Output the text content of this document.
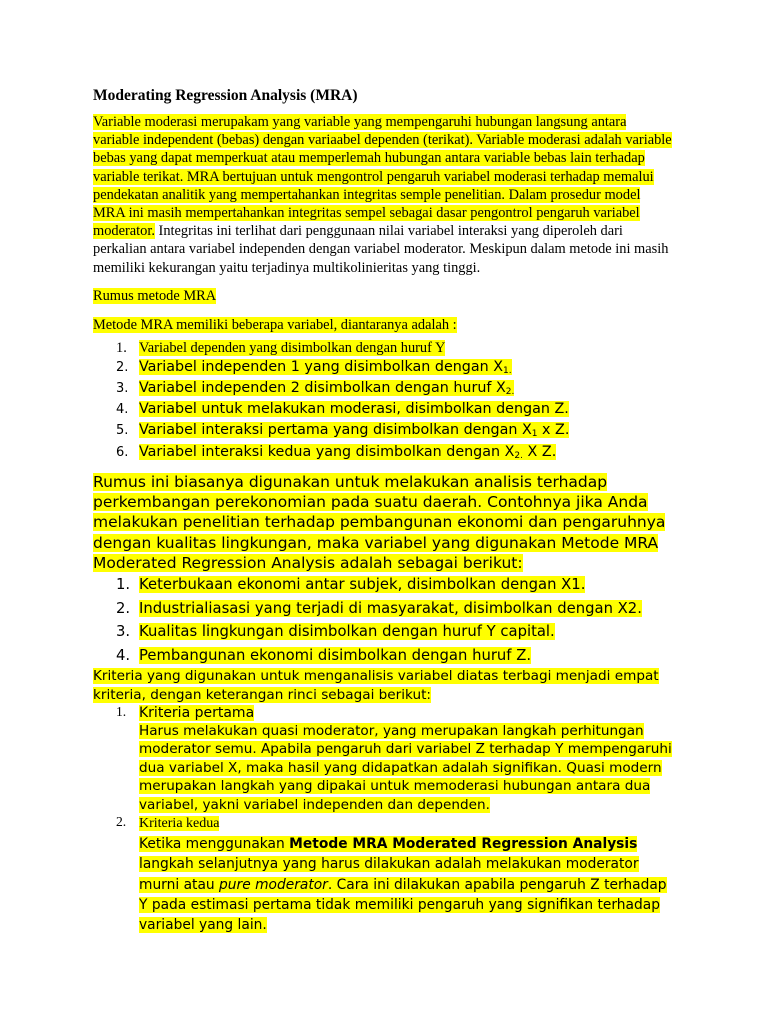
Moderating Regression Analysis (MRA)

Variable moderasi merupakam yang variable yang mempengaruhi hubungan langsung antara variable independent (bebas) dengan variaabel dependen (terikat). Variable moderasi adalah variable bebas yang dapat memperkuat atau memperlemah hubungan antara variable bebas lain terhadap variable terikat. MRA bertujuan untuk mengontrol pengaruh variabel moderasi terhadap memalui pendekatan analitik yang mempertahankan integritas semple penelitian. Dalam prosedur model MRA ini masih mempertahankan integritas sempel sebagai dasar pengontrol pengaruh variabel moderator. Integritas ini terlihat dari penggunaan nilai variabel interaksi yang diperoleh dari perkalian antara variabel independen dengan variabel moderator. Meskipun dalam metode ini masih memiliki kekurangan yaitu terjadinya multikolinieritas yang tinggi.

Rumus metode MRA

Metode MRA memiliki beberapa variabel, diantaranya adalah :

1. Variabel dependen yang disimbolkan dengan huruf Y
2. Variabel independen 1 yang disimbolkan dengan $X_{1.}$
3. Variabel independen 2 disimbolkan dengan huruf $X_{2.}$
4. Variabel untuk melakukan moderasi, disimbolkan dengan Z.
5. Variabel interaksi pertama yang disimbolkan dengan $X_1$ x Z.
6. Variabel interaksi kedua yang disimbolkan dengan $X_{2.}$ X Z.

Rumus ini biasanya digunakan untuk melakukan analisis terhadap perkembangan perekonomian pada suatu daerah. Contohnya jika Anda melakukan penelitian terhadap pembangunan ekonomi dan pengaruhnya dengan kualitas lingkungan, maka variabel yang digunakan Metode MRA Moderated Regression Analysis adalah sebagai berikut:

1. Keterbukaan ekonomi antar subjek, disimbolkan dengan X1.
2. Industrialiasasi yang terjadi di masyarakat, disimbolkan dengan X2.
3. Kualitas lingkungan disimbolkan dengan huruf Y capital.
4. Pembangunan ekonomi disimbolkan dengan huruf Z.

Kriteria yang digunakan untuk menganalisis variabel diatas terbagi menjadi empat kriteria, dengan keterangan rinci sebagai berikut:

1. Kriteria pertama
Harus melakukan quasi moderator, yang merupakan langkah perhitungan moderator semu. Apabila pengaruh dari variabel Z terhadap Y mempengaruhi dua variabel X, maka hasil yang didapatkan adalah signifikan. Quasi modern merupakan langkah yang dipakai untuk memoderasi hubungan antara dua variabel, yakni variabel independen dan dependen.
2. Kriteria kedua
Ketika menggunakan Metode MRA Moderated Regression Analysis langkah selanjutnya yang harus dilakukan adalah melakukan moderator murni atau pure moderator. Cara ini dilakukan apabila pengaruh Z terhadap Y pada estimasi pertama tidak memiliki pengaruh yang signifikan terhadap variabel yang lain.
